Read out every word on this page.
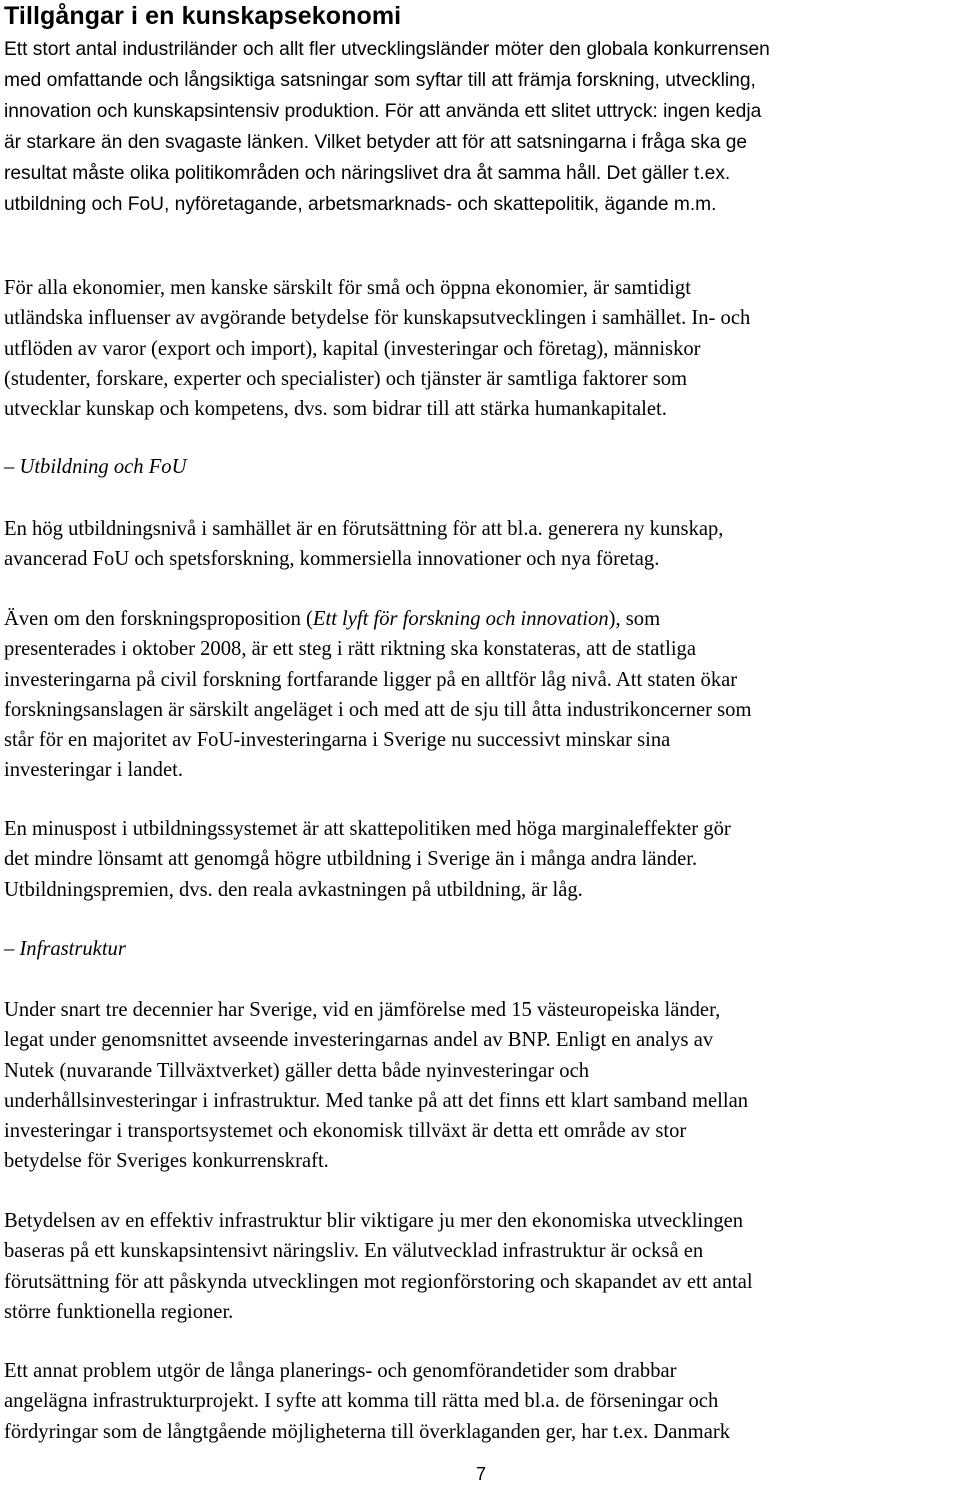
Tillgångar i en kunskapsekonomi
Ett stort antal industriländer och allt fler utvecklingsländer möter den globala konkurrensen
med omfattande och långsiktiga satsningar som syftar till att främja forskning, utveckling,
innovation och kunskapsintensiv produktion. För att använda ett slitet uttryck: ingen kedja
är starkare än den svagaste länken. Vilket betyder att för att satsningarna i fråga ska ge
resultat måste olika politikområden och näringslivet dra åt samma håll. Det gäller t.ex.
utbildning och FoU, nyföretagande, arbetsmarknads- och skattepolitik, ägande m.m.
För alla ekonomier, men kanske särskilt för små och öppna ekonomier, är samtidigt
utländska influenser av avgörande betydelse för kunskapsutvecklingen i samhället. In- och
utflöden av varor (export och import), kapital (investeringar och företag), människor
(studenter, forskare, experter och specialister) och tjänster är samtliga faktorer som
utvecklar kunskap och kompetens, dvs. som bidrar till att stärka humankapitalet.
– Utbildning och FoU
En hög utbildningsnivå i samhället är en förutsättning för att bl.a. generera ny kunskap,
avancerad FoU och spetsforskning, kommersiella innovationer och nya företag.
Även om den forskningsproposition (Ett lyft för forskning och innovation), som
presenterades i oktober 2008, är ett steg i rätt riktning ska konstateras, att de statliga
investeringarna på civil forskning fortfarande ligger på en alltför låg nivå. Att staten ökar
forskningsanslagen är särskilt angeläget i och med att de sju till åtta industrikoncerner som
står för en majoritet av FoU-investeringarna i Sverige nu successivt minskar sina
investeringar i landet.
En minuspost i utbildningssystemet är att skattepolitiken med höga marginaleffekter gör
det mindre lönsamt att genomgå högre utbildning i Sverige än i många andra länder.
Utbildningspremien, dvs. den reala avkastningen på utbildning, är låg.
– Infrastruktur
Under snart tre decennier har Sverige, vid en jämförelse med 15 västeuropeiska länder,
legat under genomsnittet avseende investeringarnas andel av BNP. Enligt en analys av
Nutek (nuvarande Tillväxtverket) gäller detta både nyinvesteringar och
underhållsinvesteringar i infrastruktur. Med tanke på att det finns ett klart samband mellan
investeringar i transportsystemet och ekonomisk tillväxt är detta ett område av stor
betydelse för Sveriges konkurrenskraft.
Betydelsen av en effektiv infrastruktur blir viktigare ju mer den ekonomiska utvecklingen
baseras på ett kunskapsintensivt näringsliv. En välutvecklad infrastruktur är också en
förutsättning för att påskynda utvecklingen mot regionförstoring och skapandet av ett antal
större funktionella regioner.
Ett annat problem utgör de långa planerings- och genomförandetider som drabbar
angelägna infrastrukturprojekt. I syfte att komma till rätta med bl.a. de förseningar och
fördyringar som de långtgående möjligheterna till överklaganden ger, har t.ex. Danmark
7
